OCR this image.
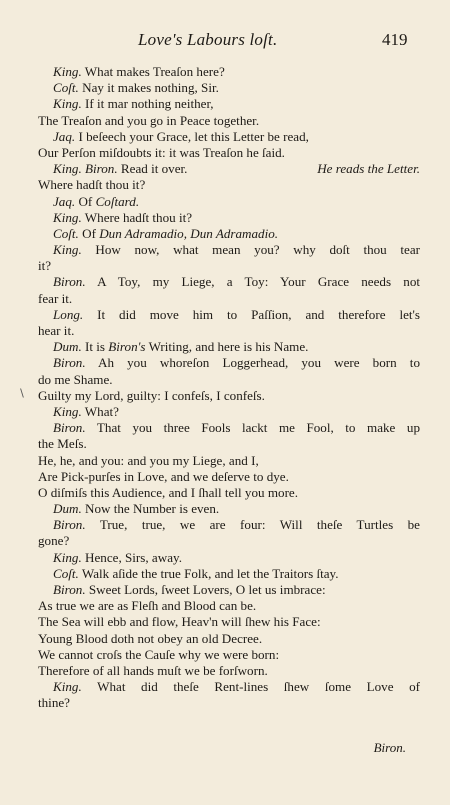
Love's Labours loſt.	419
∖
King. What makes Treaſon here?
Coſt. Nay it makes nothing, Sir.
King. If it mar nothing neither,
The Treaſon and you go in Peace together.
Jaq. I beſeech your Grace, let this Letter be read,
Our Perſon miſdoubts it: it was Treaſon he ſaid.
King. Biron. Read it over.	He reads the Letter.
Where hadſt thou it?
Jaq. Of Coſtard.
King. Where hadſt thou it?
Coſt. Of Dun Adramadio, Dun Adramadio.
King. How now, what mean you? why doſt thou tear
it?
Biron. A Toy, my Liege, a Toy: Your Grace needs not
fear it.
Long. It did move him to Paſſion, and therefore let's
hear it.
Dum. It is Biron's Writing, and here is his Name.
Biron. Ah you whoreſon Loggerhead, you were born to
do me Shame.
Guilty my Lord, guilty: I confeſs, I confeſs.
King. What?
Biron. That you three Fools lackt me Fool, to make up
the Meſs.
He, he, and you: and you my Liege, and I,
Are Pick-purſes in Love, and we deſerve to dye.
O diſmiſs this Audience, and I ſhall tell you more.
Dum. Now the Number is even.
Biron. True, true, we are four: Will theſe Turtles be
gone?
King. Hence, Sirs, away.
Coſt. Walk aſide the true Folk, and let the Traitors ſtay.
Biron. Sweet Lords, ſweet Lovers, O let us imbrace:
As true we are as Fleſh and Blood can be.
The Sea will ebb and flow, Heav'n will ſhew his Face:
Young Blood doth not obey an old Decree.
We cannot croſs the Cauſe why we were born:
Therefore of all hands muſt we be forſworn.
King. What did theſe Rent-lines ſhew ſome Love of
thine?
Biron.
